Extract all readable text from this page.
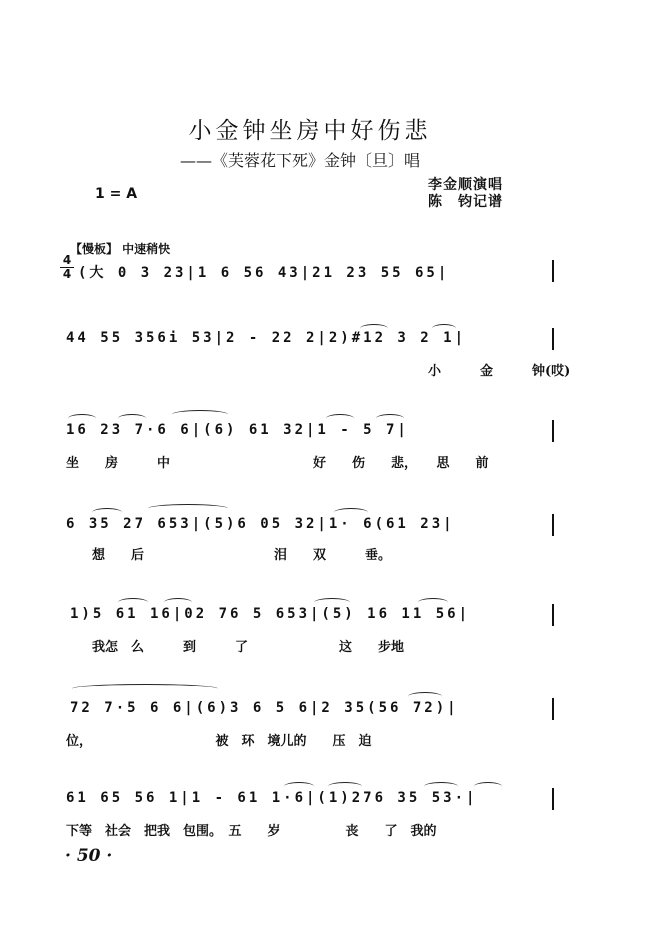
小金钟坐房中好伤悲
——《芙蓉花下死》金钟〔旦〕唱
1 = A
李金顺演唱
陈　钧记谱
【慢板】 中速稍快
4
4 (大 0 3 23|1 6 56 43|21 23 55 65|
44 55 356i 53|2 - 22 2|2)#12 3 2 1|
小　　　金　　　钟(哎)
16 23 7·6 6|(6) 61 32|1 - 5 7|
坐　　房　　　中　　　　　　　　　　　好　　伤　　悲，　　思　　前
6 35 27 653|(5)6 05 32|1· 6(61 23|
想　　后　　　　　　　　　　泪　　双　　　垂。
1)5 61 16|02 76 5 653|(5) 16 11 56|
我怎　么　　　到　　　了　　　　　　　这　　步地
72 7·5 6 6|(6)3 6 5 6|2 35(56 72)|
位，　　　　　　　　　　被　环　境儿的　　压　迫
61 65 56 1|1 - 61 1·6|(1)276 35 53·|
下等　社会　把我　包围。　五　　岁　　　　　丧　　了　我的
· 50 ·
